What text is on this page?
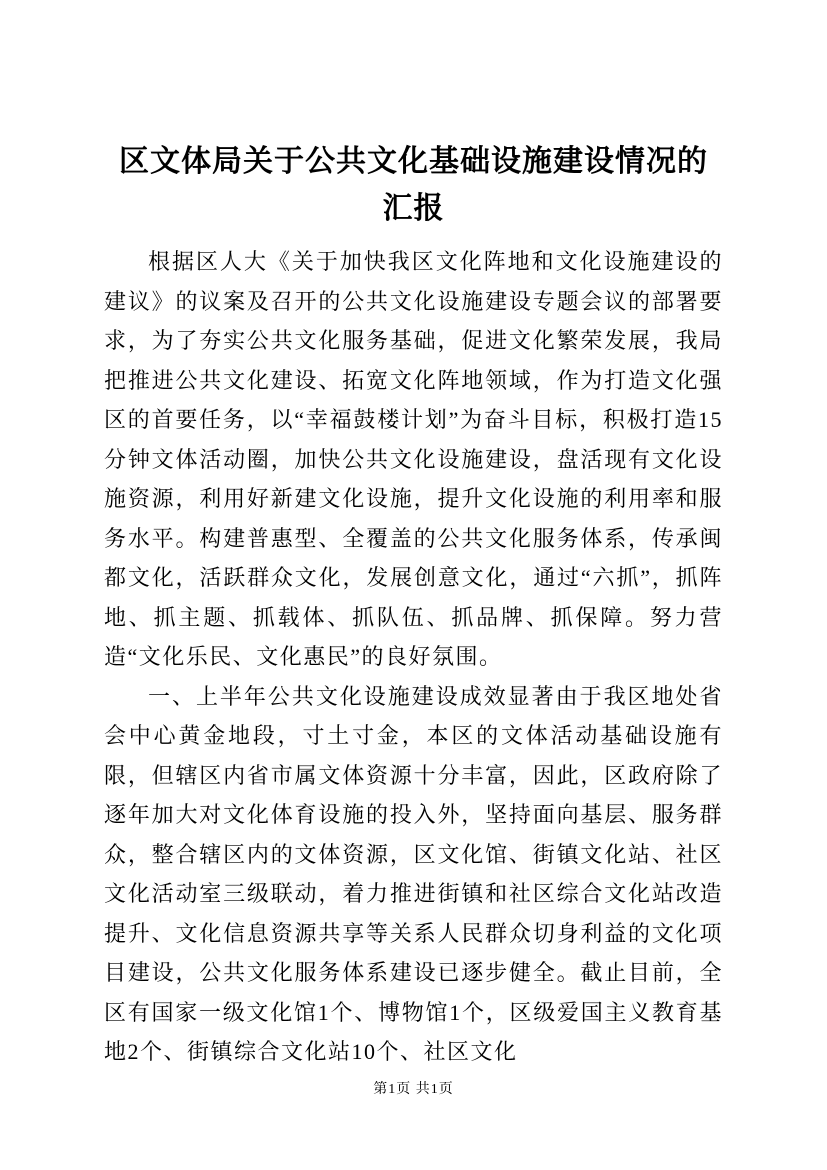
区文体局关于公共文化基础设施建设情况的汇报

根据区人大《关于加快我区文化阵地和文化设施建设的建议》的议案及召开的公共文化设施建设专题会议的部署要求，为了夯实公共文化服务基础，促进文化繁荣发展，我局把推进公共文化建设、拓宽文化阵地领域，作为打造文化强区的首要任务，以“幸福鼓楼计划”为奋斗目标，积极打造15分钟文体活动圈，加快公共文化设施建设，盘活现有文化设施资源，利用好新建文化设施，提升文化设施的利用率和服务水平。构建普惠型、全覆盖的公共文化服务体系，传承闽都文化，活跃群众文化，发展创意文化，通过“六抓”，抓阵地、抓主题、抓载体、抓队伍、抓品牌、抓保障。努力营造“文化乐民、文化惠民”的良好氛围。

一、上半年公共文化设施建设成效显著由于我区地处省会中心黄金地段，寸土寸金，本区的文体活动基础设施有限，但辖区内省市属文体资源十分丰富，因此，区政府除了逐年加大对文化体育设施的投入外，坚持面向基层、服务群众，整合辖区内的文体资源，区文化馆、街镇文化站、社区文化活动室三级联动，着力推进街镇和社区综合文化站改造提升、文化信息资源共享等关系人民群众切身利益的文化项目建设，公共文化服务体系建设已逐步健全。截止目前，全区有国家一级文化馆1个、博物馆1个，区级爱国主义教育基地2个、街镇综合文化站10个、社区文化

第1页 共1页
